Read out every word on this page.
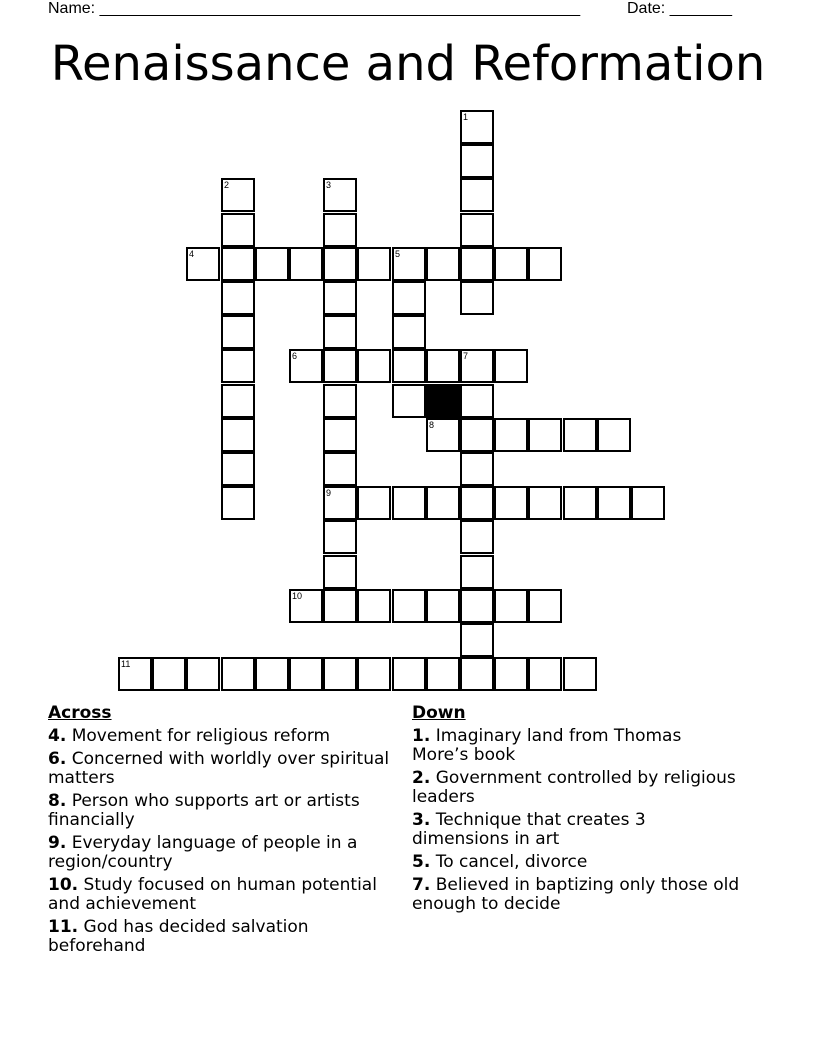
Name: ______________________________________________________	Date: _______
Renaissance and Reformation
1
2	3
4	5
6	7
8
9
10
11
Across
4. Movement for religious reform
6. Concerned with worldly over spiritual matters
8. Person who supports art or artists financially
9. Everyday language of people in a region/country
10. Study focused on human potential and achievement
11. God has decided salvation beforehand
Down
1. Imaginary land from Thomas More’s book
2. Government controlled by religious leaders
3. Technique that creates 3 dimensions in art
5. To cancel, divorce
7. Believed in baptizing only those old enough to decide
